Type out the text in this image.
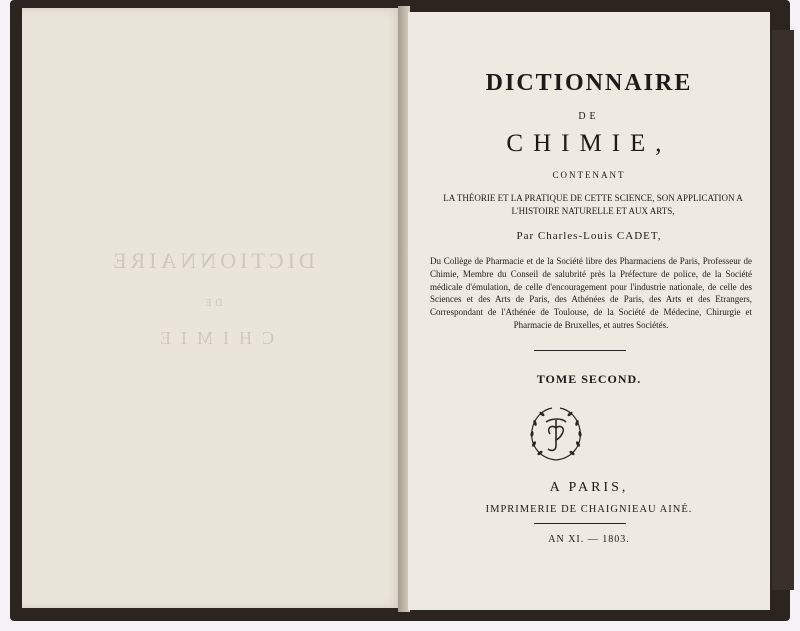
DICTIONNAIRE
DE
CHIMIE
DICTIONNAIRE
DE
CHIMIE,
CONTENANT
LA THÉORIE ET LA PRATIQUE DE CETTE SCIENCE, SON APPLICATION A L'HISTOIRE NATURELLE ET AUX ARTS,
Par Charles-Louis CADET,
Du Collège de Pharmacie et de la Société libre des Pharmaciens de Paris, Professeur de Chimie, Membre du Conseil de salubrité près la Préfecture de police, de la Société médicale d'émulation, de celle d'encouragement pour l'industrie nationale, de celle des Sciences et des Arts de Paris, des Athénées de Paris, des Arts et des Etrangers, Correspondant de l'Athénée de Toulouse, de la Société de Médecine, Chirurgie et Pharmacie de Bruxelles, et autres Sociétés.
TOME SECOND.
A PARIS,
IMPRIMERIE DE CHAIGNIEAU AINÉ.
AN XI. — 1803.
